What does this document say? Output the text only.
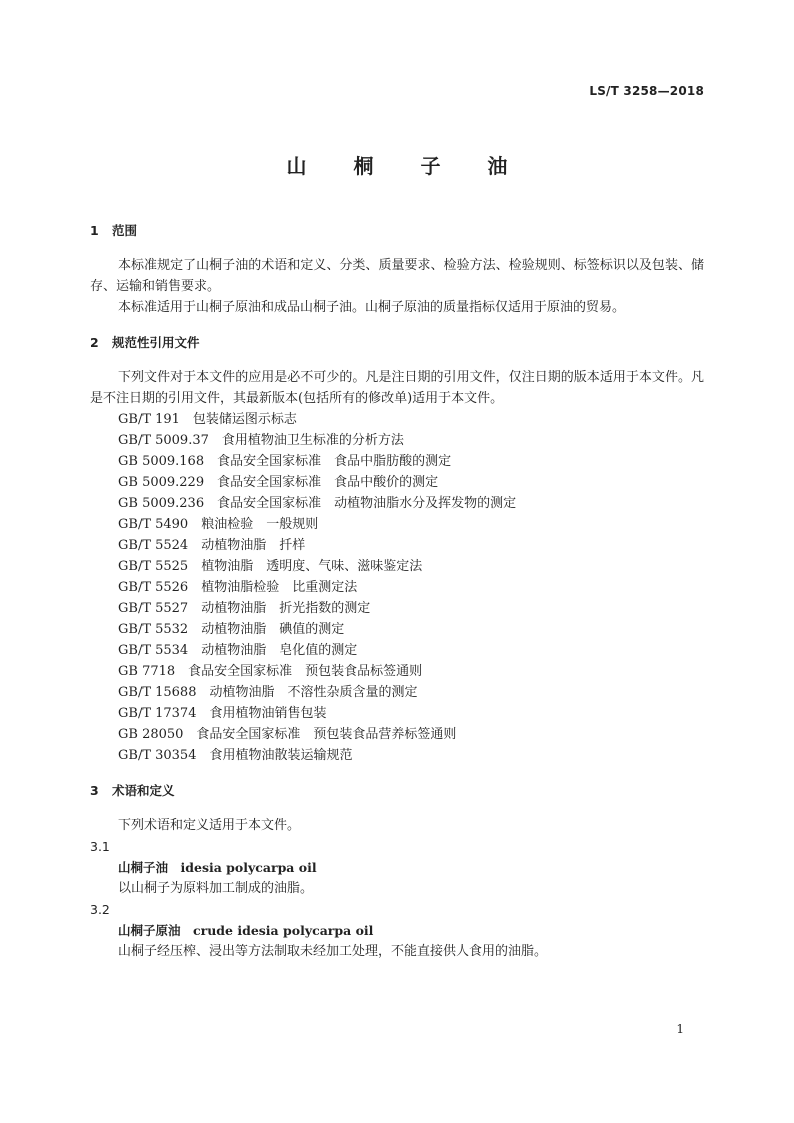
LS/T 3258—2018
山 桐 子 油
1 范围

本标准规定了山桐子油的术语和定义、分类、质量要求、检验方法、检验规则、标签标识以及包装、储存、运输和销售要求。

本标准适用于山桐子原油和成品山桐子油。山桐子原油的质量指标仅适用于原油的贸易。

2 规范性引用文件

下列文件对于本文件的应用是必不可少的。凡是注日期的引用文件，仅注日期的版本适用于本文件。凡是不注日期的引用文件，其最新版本(包括所有的修改单)适用于本文件。

GB/T 191　包装储运图示标志
GB/T 5009.37　食用植物油卫生标准的分析方法
GB 5009.168　食品安全国家标准　食品中脂肪酸的测定
GB 5009.229　食品安全国家标准　食品中酸价的测定
GB 5009.236　食品安全国家标准　动植物油脂水分及挥发物的测定
GB/T 5490　粮油检验　一般规则
GB/T 5524　动植物油脂　扦样
GB/T 5525　植物油脂　透明度、气味、滋味鉴定法
GB/T 5526　植物油脂检验　比重测定法
GB/T 5527　动植物油脂　折光指数的测定
GB/T 5532　动植物油脂　碘值的测定
GB/T 5534　动植物油脂　皂化值的测定
GB 7718　食品安全国家标准　预包装食品标签通则
GB/T 15688　动植物油脂　不溶性杂质含量的测定
GB/T 17374　食用植物油销售包装
GB 28050　食品安全国家标准　预包装食品营养标签通则
GB/T 30354　食用植物油散装运输规范
3 术语和定义

下列术语和定义适用于本文件。

3.1
山桐子油　idesia polycarpa oil
以山桐子为原料加工制成的油脂。
3.2
山桐子原油　crude idesia polycarpa oil
山桐子经压榨、浸出等方法制取未经加工处理，不能直接供人食用的油脂。
1
